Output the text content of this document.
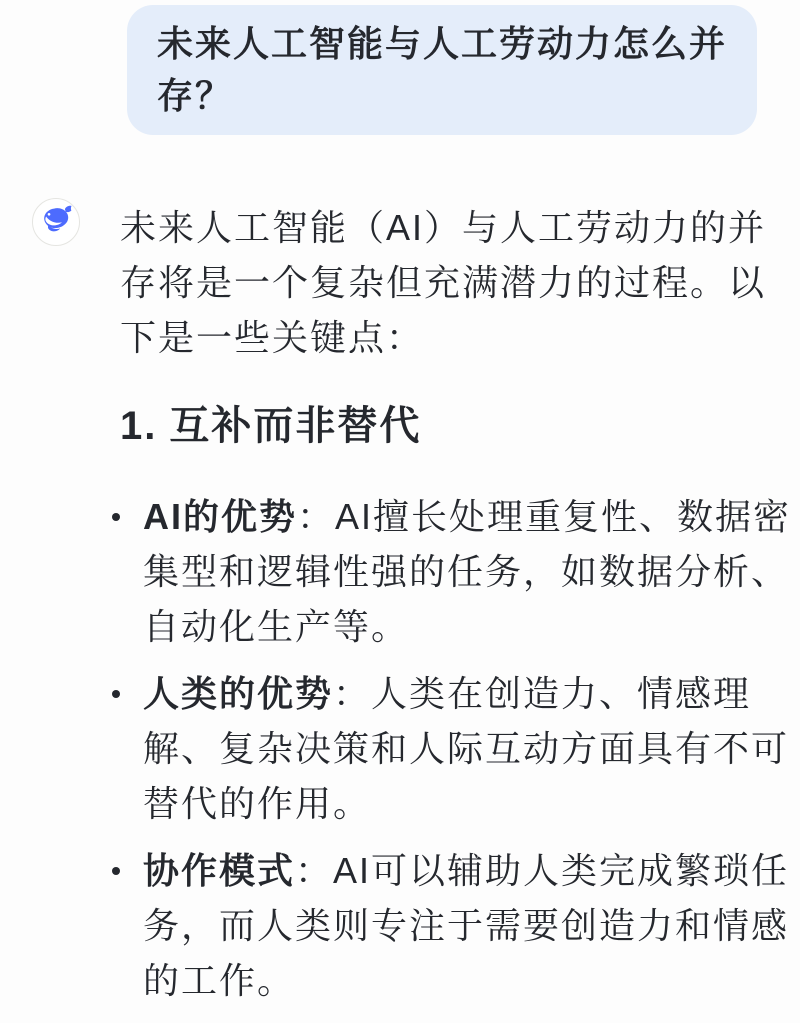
未来人工智能与人工劳动力怎么并
存？
未来人工智能（AI）与人工劳动力的并
存将是一个复杂但充满潜力的过程。以
下是一些关键点：
1. 互补而非替代
AI的优势：AI擅长处理重复性、数据密
集型和逻辑性强的任务，如数据分析、
自动化生产等。
人类的优势：人类在创造力、情感理
解、复杂决策和人际互动方面具有不可
替代的作用。
协作模式：AI可以辅助人类完成繁琐任
务，而人类则专注于需要创造力和情感
的工作。
